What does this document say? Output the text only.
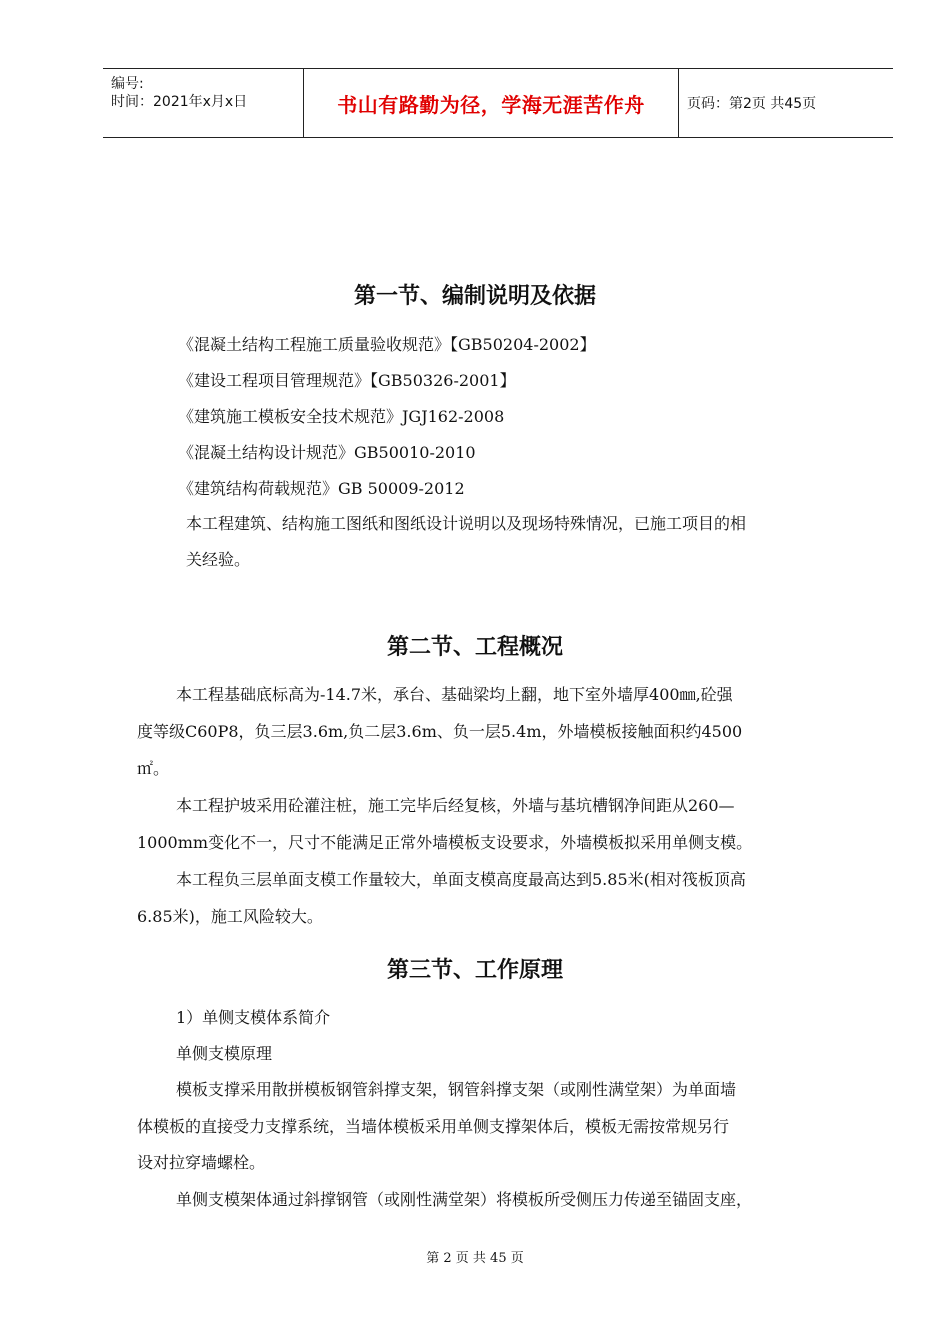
编号:
时间：2021年x月x日	书山有路勤为径，学海无涯苦作舟	页码：第2页 共45页
第一节、编制说明及依据
《混凝土结构工程施工质量验收规范》【GB50204-2002】
《建设工程项目管理规范》【GB50326-2001】
《建筑施工模板安全技术规范》JGJ162-2008
《混凝土结构设计规范》GB50010-2010
《建筑结构荷载规范》GB 50009-2012
本工程建筑、结构施工图纸和图纸设计说明以及现场特殊情况，已施工项目的相
关经验。
第二节、工程概况
本工程基础底标高为-14.7米，承台、基础梁均上翻，地下室外墙厚400㎜,砼强
度等级C60P8，负三层3.6m,负二层3.6m、负一层5.4m，外墙模板接触面积约4500
㎡。
本工程护坡采用砼灌注桩，施工完毕后经复核，外墙与基坑槽钢净间距从260—
1000mm变化不一，尺寸不能满足正常外墙模板支设要求，外墙模板拟采用单侧支模。
本工程负三层单面支模工作量较大，单面支模高度最高达到5.85米(相对筏板顶高
6.85米)，施工风险较大。
第三节、工作原理
1）单侧支模体系简介
单侧支模原理
模板支撑采用散拼模板钢管斜撑支架，钢管斜撑支架（或刚性满堂架）为单面墙
体模板的直接受力支撑系统，当墙体模板采用单侧支撑架体后，模板无需按常规另行
设对拉穿墙螺栓。
单侧支模架体通过斜撑钢管（或刚性满堂架）将模板所受侧压力传递至锚固支座，
第 2 页 共 45 页
